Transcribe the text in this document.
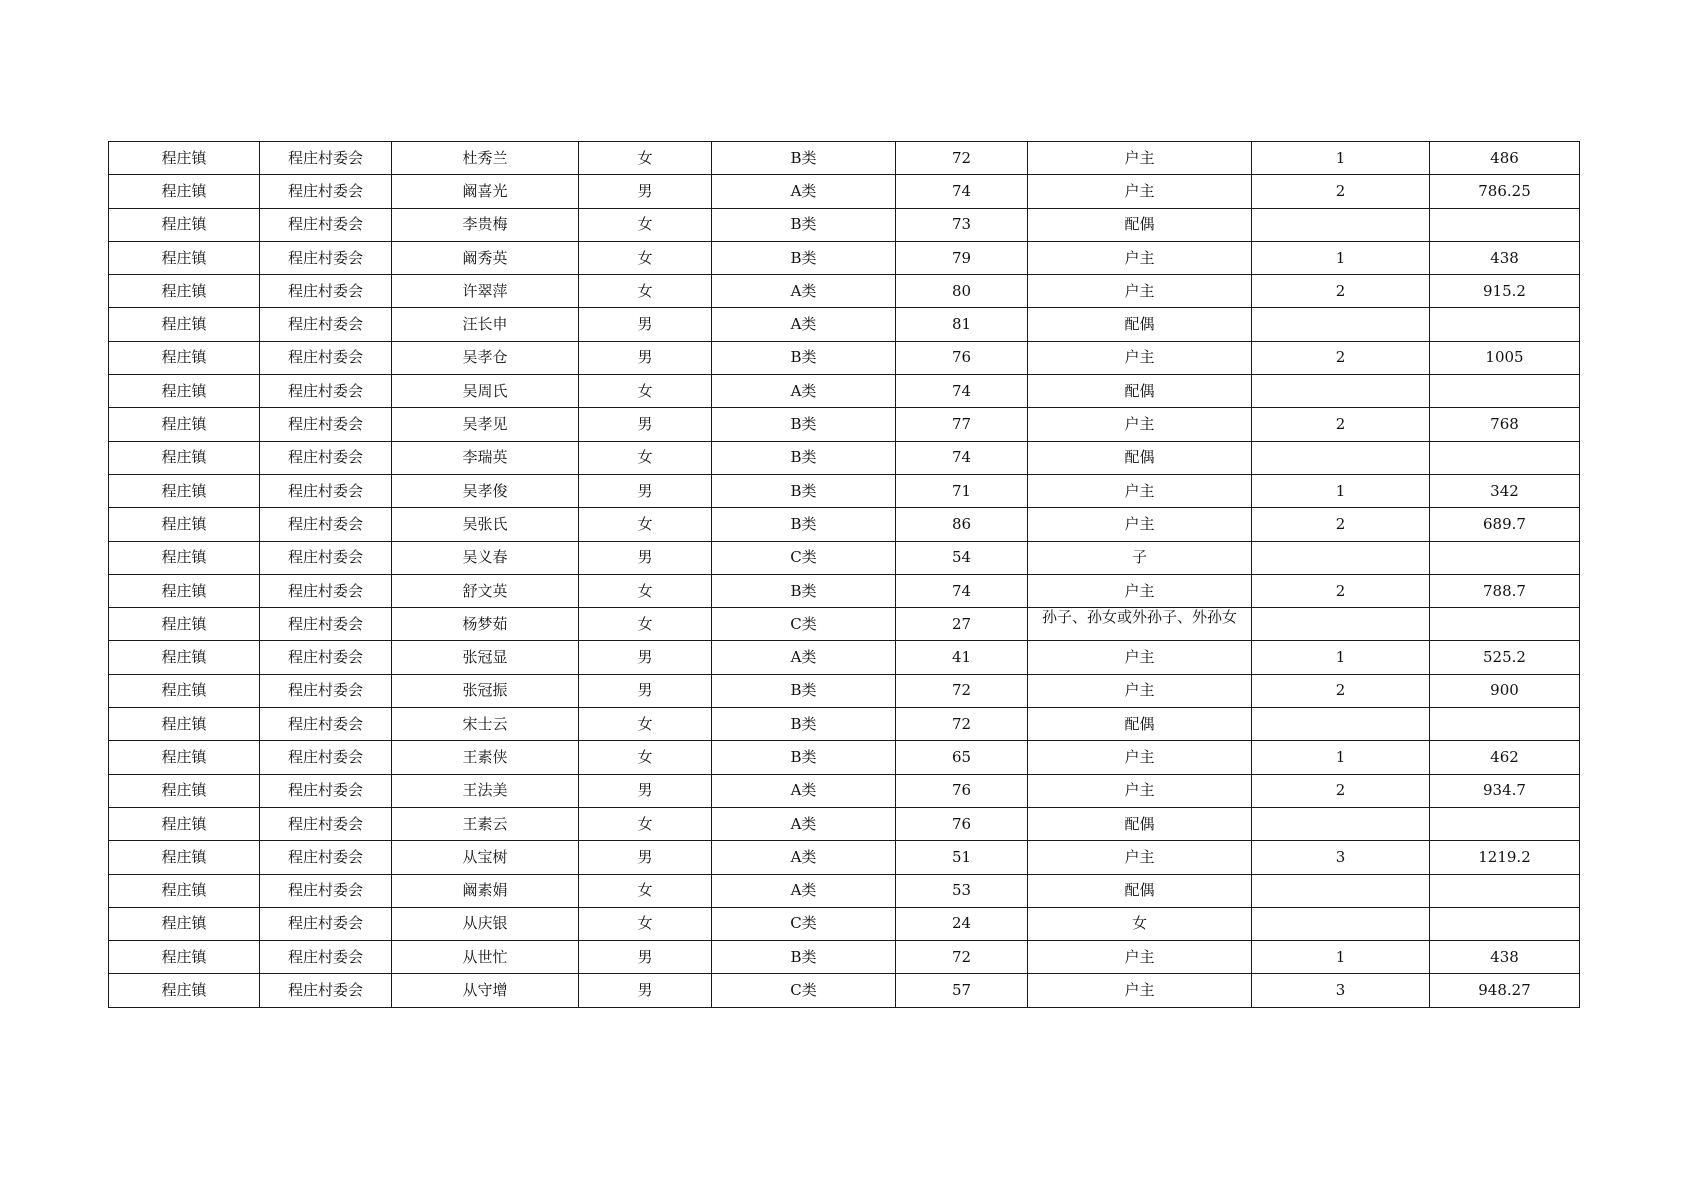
程庄镇	程庄村委会	杜秀兰	女	B类	72	户主	1	486
程庄镇	程庄村委会	阚喜光	男	A类	74	户主	2	786.25
程庄镇	程庄村委会	李贵梅	女	B类	73	配偶		
程庄镇	程庄村委会	阚秀英	女	B类	79	户主	1	438
程庄镇	程庄村委会	许翠萍	女	A类	80	户主	2	915.2
程庄镇	程庄村委会	汪长申	男	A类	81	配偶		
程庄镇	程庄村委会	吴孝仓	男	B类	76	户主	2	1005
程庄镇	程庄村委会	吴周氏	女	A类	74	配偶		
程庄镇	程庄村委会	吴孝见	男	B类	77	户主	2	768
程庄镇	程庄村委会	李瑞英	女	B类	74	配偶		
程庄镇	程庄村委会	吴孝俊	男	B类	71	户主	1	342
程庄镇	程庄村委会	吴张氏	女	B类	86	户主	2	689.7
程庄镇	程庄村委会	吴义春	男	C类	54	子		
程庄镇	程庄村委会	舒文英	女	B类	74	户主	2	788.7
程庄镇	程庄村委会	杨梦茹	女	C类	27	孙子、孙女或外孙子、外孙女		
程庄镇	程庄村委会	张冠显	男	A类	41	户主	1	525.2
程庄镇	程庄村委会	张冠振	男	B类	72	户主	2	900
程庄镇	程庄村委会	宋士云	女	B类	72	配偶		
程庄镇	程庄村委会	王素侠	女	B类	65	户主	1	462
程庄镇	程庄村委会	王法美	男	A类	76	户主	2	934.7
程庄镇	程庄村委会	王素云	女	A类	76	配偶		
程庄镇	程庄村委会	从宝树	男	A类	51	户主	3	1219.2
程庄镇	程庄村委会	阚素娟	女	A类	53	配偶		
程庄镇	程庄村委会	从庆银	女	C类	24	女		
程庄镇	程庄村委会	从世忙	男	B类	72	户主	1	438
程庄镇	程庄村委会	从守增	男	C类	57	户主	3	948.27
